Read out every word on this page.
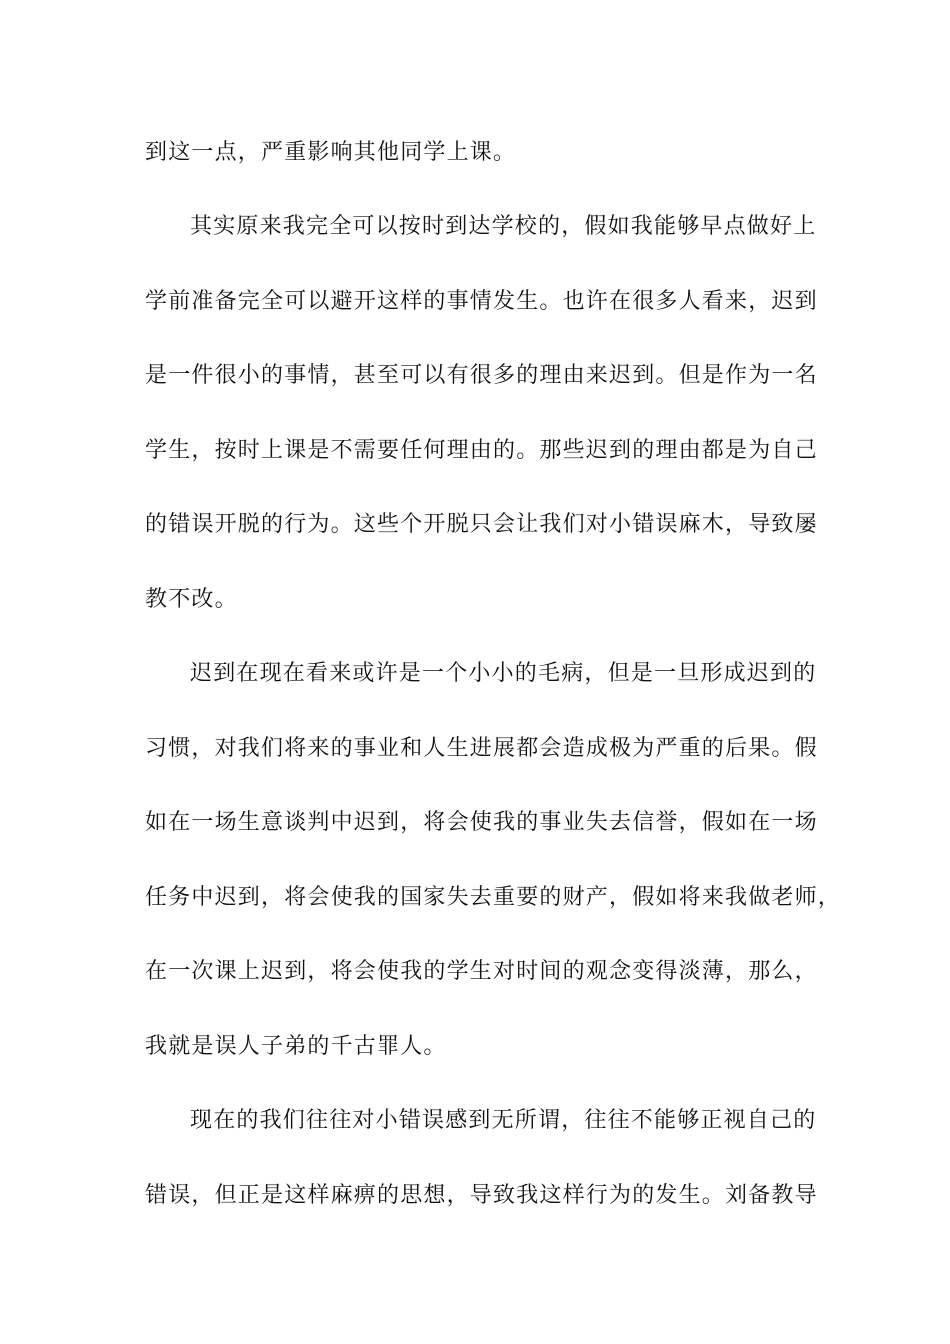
到这一点，严重影响其他同学上课。
其实原来我完全可以按时到达学校的，假如我能够早点做好上
学前准备完全可以避开这样的事情发生。也许在很多人看来，迟到
是一件很小的事情，甚至可以有很多的理由来迟到。但是作为一名
学生，按时上课是不需要任何理由的。那些迟到的理由都是为自己
的错误开脱的行为。这些个开脱只会让我们对小错误麻木，导致屡
教不改。
迟到在现在看来或许是一个小小的毛病，但是一旦形成迟到的
习惯，对我们将来的事业和人生进展都会造成极为严重的后果。假
如在一场生意谈判中迟到，将会使我的事业失去信誉，假如在一场
任务中迟到，将会使我的国家失去重要的财产，假如将来我做老师，
在一次课上迟到，将会使我的学生对时间的观念变得淡薄，那么，
我就是误人子弟的千古罪人。
现在的我们往往对小错误感到无所谓，往往不能够正视自己的
错误，但正是这样麻痹的思想，导致我这样行为的发生。刘备教导
